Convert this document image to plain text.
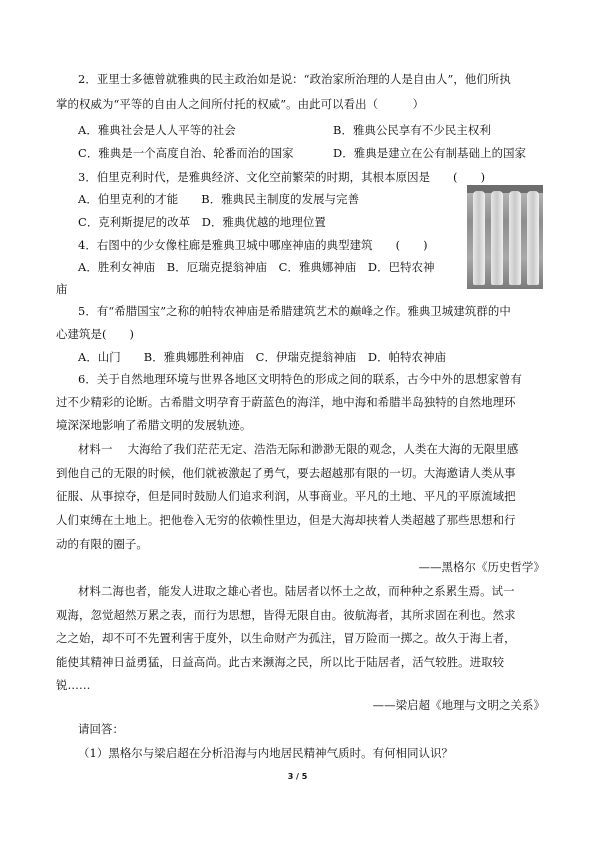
2．亚里士多德曾就雅典的民主政治如是说：“政治家所治理的人是自由人”，他们所执
掌的权威为“平等的自由人之间所付托的权威”。由此可以看出（　　　）
A．雅典社会是人人平等的社会	B．雅典公民享有不少民主权利
C．雅典是一个高度自治、轮番而治的国家	D．雅典是建立在公有制基础上的国家
3．伯里克利时代，是雅典经济、文化空前繁荣的时期，其根本原因是　　(　　)
A．伯里克利的才能　　B．雅典民主制度的发展与完善
C．克利斯提尼的改革　D．雅典优越的地理位置
4．右图中的少女像柱廊是雅典卫城中哪座神庙的典型建筑　　(　　)
A．胜利女神庙　B．厄瑞克提翁神庙　C．雅典娜神庙　D．巴特农神
庙
5．有“希腊国宝”之称的帕特农神庙是希腊建筑艺术的巅峰之作。雅典卫城建筑群的中
心建筑是(　　)
A．山门　　B．雅典娜胜利神庙　C．伊瑞克提翁神庙　D．帕特农神庙
6．关于自然地理环境与世界各地区文明特色的形成之间的联系，古今中外的思想家曾有
过不少精彩的论断。古希腊文明孕育于蔚蓝色的海洋，地中海和希腊半岛独特的自然地理环
境深深地影响了希腊文明的发展轨迹。
材料一　 大海给了我们茫茫无定、浩浩无际和渺渺无限的观念，人类在大海的无限里感
到他自己的无限的时候，他们就被激起了勇气，要去超越那有限的一切。大海邀请人类从事
征服、从事掠夺，但是同时鼓励人们追求利润，从事商业。平凡的土地、平凡的平原流域把
人们束缚在土地上。把他卷入无穷的依赖性里边，但是大海却挟着人类超越了那些思想和行
动的有限的圈子。
——黑格尔《历史哲学》
材料二海也者，能发人进取之雄心者也。陆居者以怀土之故，而种种之系累生焉。试一
观海，忽觉超然万累之表，而行为思想，皆得无限自由。彼航海者，其所求固在利也。然求
之之始，却不可不先置利害于度外，以生命财产为孤注，冒万险而一掷之。故久于海上者，
能使其精神日益勇猛，日益高尚。此古来濒海之民，所以比于陆居者，活气较胜。进取较
锐……
——梁启超《地理与文明之关系》
请回答：
（1）黑格尔与梁启超在分析沿海与内地居民精神气质时。有何相同认识？
3 / 5
